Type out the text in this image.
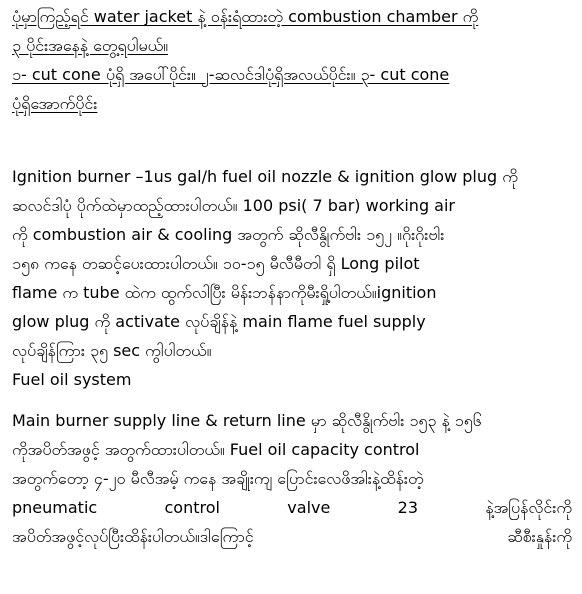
ပုံမှာကြည့်ရင် water jacket နဲ့ ဝန်းရံထားတဲ့ combustion chamber ကို
၃ ပိုင်းအနေနဲ့ တွေ့ရပါမယ်။
၁- cut cone ပုံရှိ အပေါ်ပိုင်း။ ၂-ဆလင်ဒါပုံရှိအလယ်ပိုင်း။ ၃- cut cone
ပုံရှိအောက်ပိုင်း
Ignition burner –1us gal/h fuel oil nozzle & ignition glow plug ကို
ဆလင်ဒါပုံ ပိုက်ထဲမှာထည့်ထားပါတယ်။ 100 psi( 7 bar) working air
ကို combustion air & cooling အတွက် ဆိုလီနွိုက်ဗါး ၁၅၂ ။ဂိုးဂိုးဗါး
၁၅၈ ကနေ တဆင့်ပေးထားပါတယ်။ ၁၀-၁၅ မီလီမီတါ ရှိ Long pilot
flame က tube ထဲက ထွက်လါပြီး မိန်းဘန်နာကိုမီးရှို့ပါတယ်။ignition
glow plug ကို activate လုပ်ချိန်နဲ့ main flame fuel supply
လုပ်ချိန်ကြား ၃၅ sec ကွါပါတယ်။
Fuel oil system
Main burner supply line & return line မှာ ဆိုလီနွိုက်ဗါး ၁၅၃ နဲ့ ၁၅၆
ကိုအပိတ်အဖွင့် အတွက်ထားပါတယ်။ Fuel oil capacity control
အတွက်တော့ ၄-၂၀ မီလီအမ့် ကနေ အချိုးကျ ပြောင်းလေဖိအါးနဲ့ထိန်းတဲ့
pneumatic control valve 23 နဲ့အပြန်လိုင်းကို
အပိတ်အဖွင့်လုပ်ပြီးထိန်းပါတယ်။ဒါကြောင့် ဆီစီးနှုန်းကို
